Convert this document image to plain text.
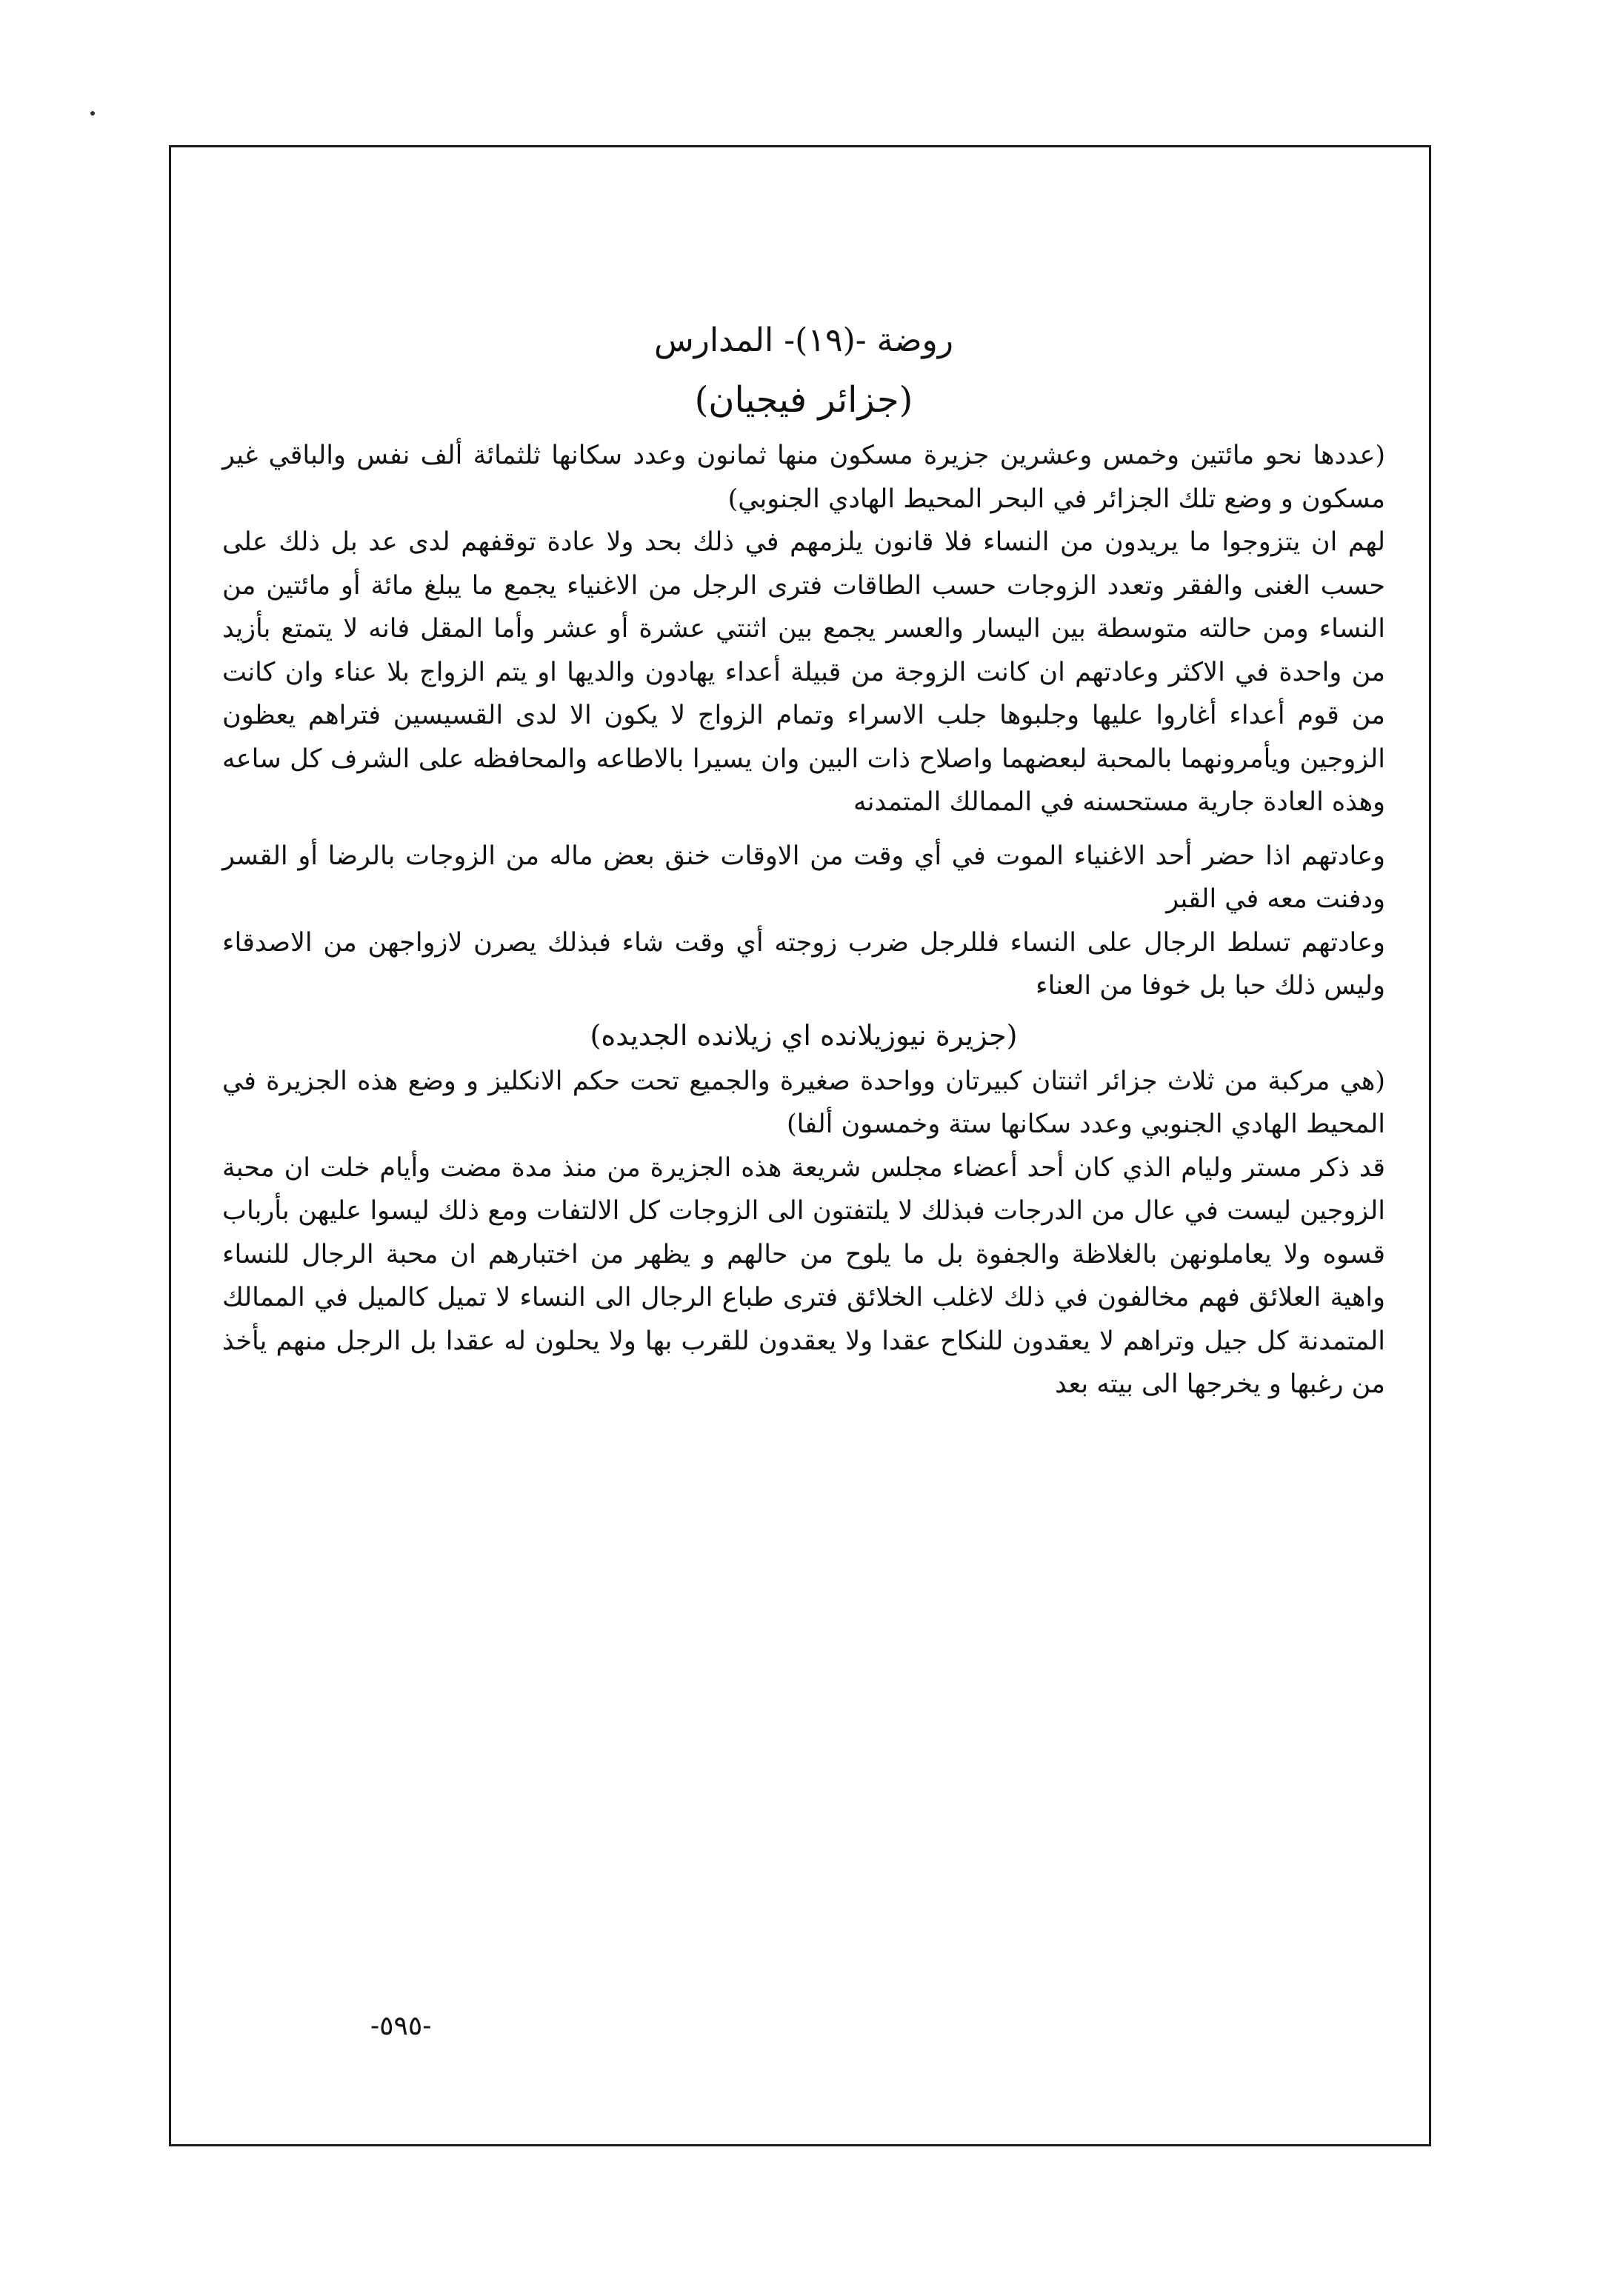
روضة -(١٩)- المدارس

(جزائر فيجيان)

(عددها نحو مائتين وخمس وعشرين جزيرة مسكون منها ثمانون وعدد سكانها ثلثمائة ألف نفس والباقي غير مسكون و وضع تلك الجزائر في البحر المحيط الهادي الجنوبي)

لهم ان يتزوجوا ما يريدون من النساء فلا قانون يلزمهم في ذلك بحد ولا عادة توقفهم لدى عد بل ذلك على حسب الغنى والفقر وتعدد الزوجات حسب الطاقات فترى الرجل من الاغنياء يجمع ما يبلغ مائة أو مائتين من النساء ومن حالته متوسطة بين اليسار والعسر يجمع بين اثنتي عشرة أو عشر وأما المقل فانه لا يتمتع بأزيد من واحدة في الاكثر وعادتهم ان كانت الزوجة من قبيلة أعداء يهادون والديها او يتم الزواج بلا عناء وان كانت من قوم أعداء أغاروا عليها وجلبوها جلب الاسراء وتمام الزواج لا يكون الا لدى القسيسين فتراهم يعظون الزوجين ويأمرونهما بالمحبة لبعضهما واصلاح ذات البين وان يسيرا بالاطاعه والمحافظه على الشرف كل ساعه وهذه العادة جارية مستحسنه في الممالك المتمدنه

وعادتهم اذا حضر أحد الاغنياء الموت في أي وقت من الاوقات خنق بعض ماله من الزوجات بالرضا أو القسر ودفنت معه في القبر

وعادتهم تسلط الرجال على النساء فللرجل ضرب زوجته أي وقت شاء فبذلك يصرن لازواجهن من الاصدقاء وليس ذلك حبا بل خوفا من العناء

(جزيرة نيوزيلانده اي زيلانده الجديده)

(هي مركبة من ثلاث جزائر اثنتان كبيرتان وواحدة صغيرة والجميع تحت حكم الانكليز و وضع هذه الجزيرة في المحيط الهادي الجنوبي وعدد سكانها ستة وخمسون ألفا)

قد ذكر مستر وليام الذي كان أحد أعضاء مجلس شريعة هذه الجزيرة من منذ مدة مضت وأيام خلت ان محبة الزوجين ليست في عال من الدرجات فبذلك لا يلتفتون الى الزوجات كل الالتفات ومع ذلك ليسوا عليهن بأرباب قسوه ولا يعاملونهن بالغلاظة والجفوة بل ما يلوح من حالهم و يظهر من اختبارهم ان محبة الرجال للنساء واهية العلائق فهم مخالفون في ذلك لاغلب الخلائق فترى طباع الرجال الى النساء لا تميل كالميل في الممالك المتمدنة كل جيل وتراهم لا يعقدون للنكاح عقدا ولا يعقدون للقرب بها ولا يحلون له عقدا بل الرجل منهم يأخذ من رغبها و يخرجها الى بيته بعد

-٥٩٥-
